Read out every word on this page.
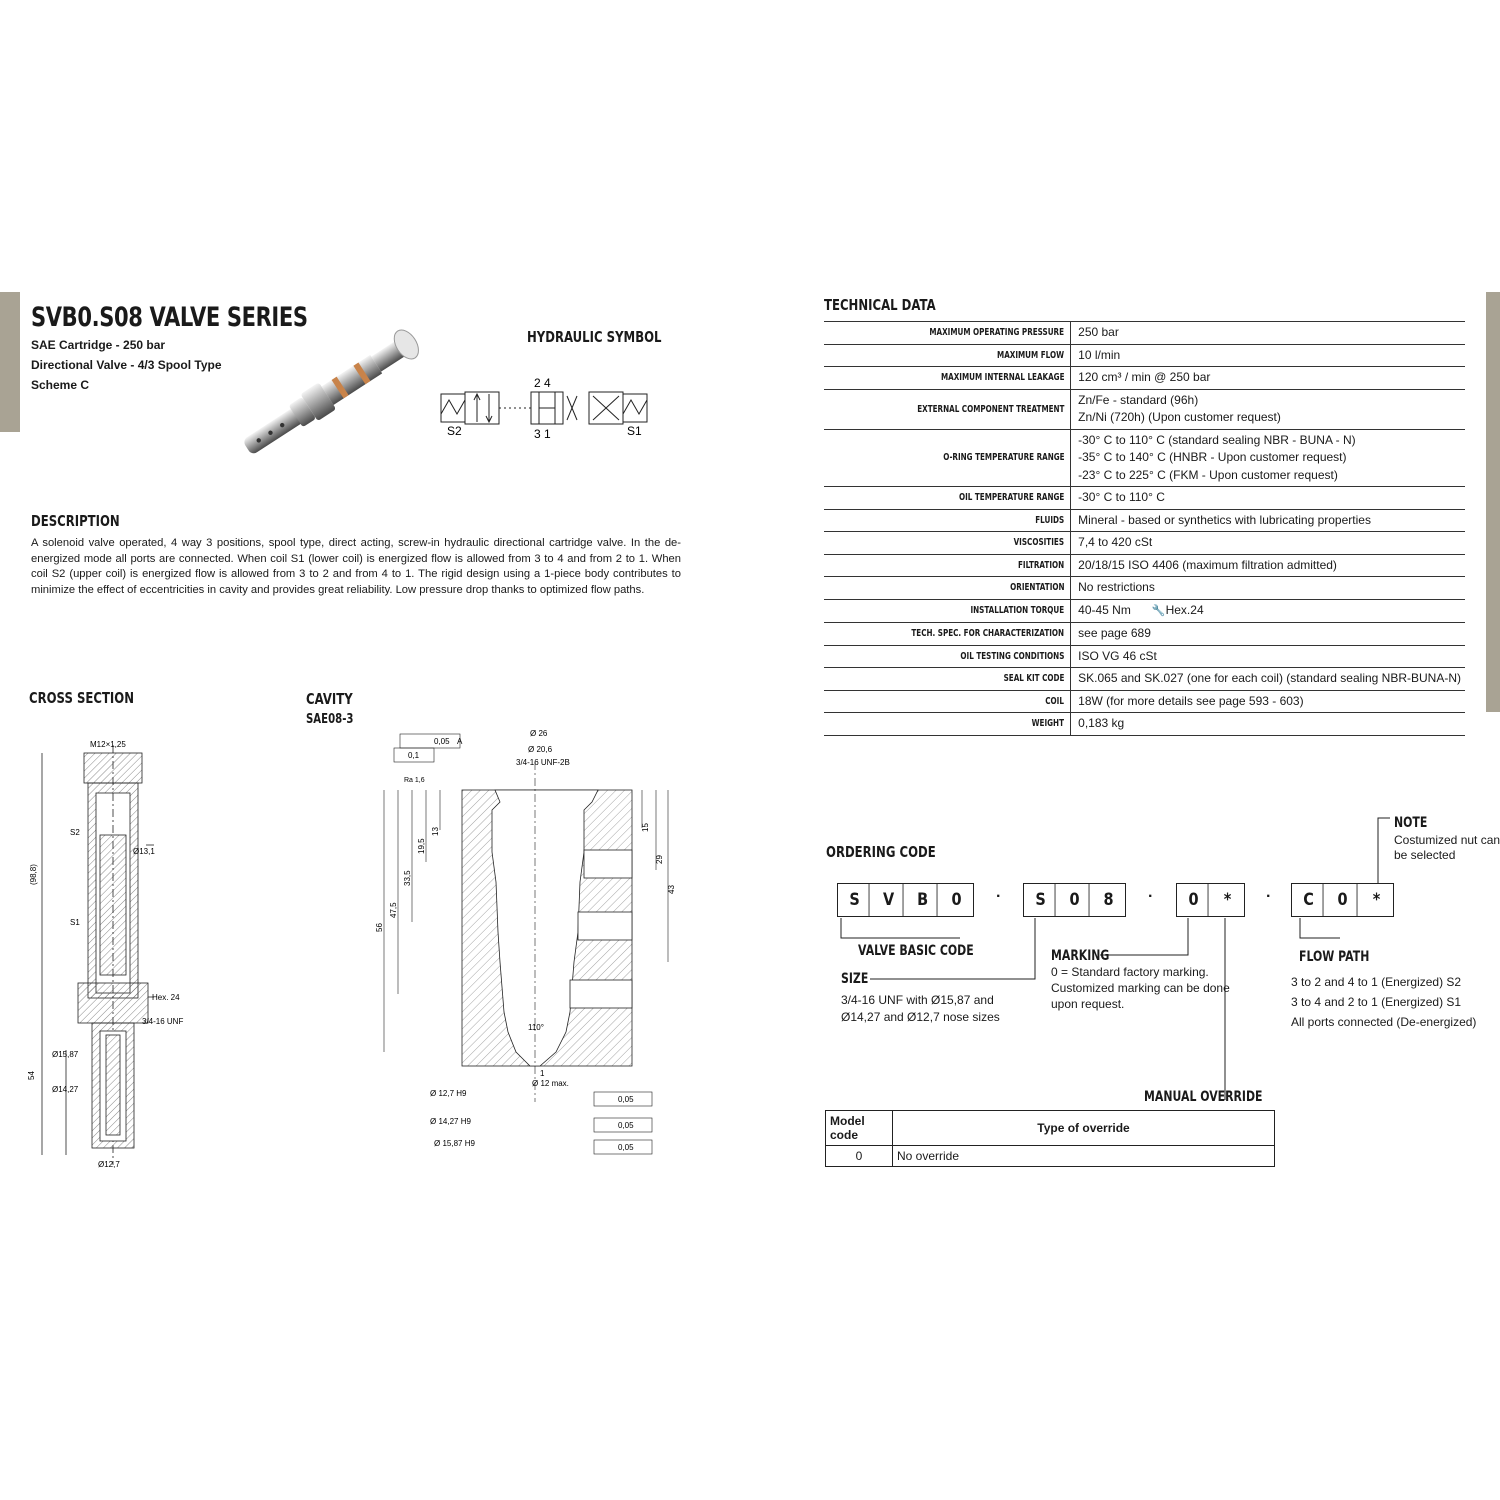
SVB0.S08 VALVE SERIES
SAE Cartridge - 250 bar
Directional Valve - 4/3 Spool Type
Scheme C
HYDRAULIC SYMBOL
2 4
3 1
S2	S1
DESCRIPTION
A solenoid valve operated, 4 way 3 positions, spool type, direct acting, screw-in hydraulic directional cartridge valve. In the de-energized mode all ports are connected. When coil S1 (lower coil) is energized flow is allowed from 3 to 4 and from 2 to 1. When coil S2 (upper coil) is energized flow is allowed from 3 to 2 and from 4 to 1. The rigid design using a 1-piece body contributes to minimize the effect of eccentricities in cavity and provides great reliability. Low pressure drop thanks to optimized flow paths.
CROSS SECTION
M12×1,25
Ø13,1
(98,8)
S2
S1
Hex. 24
3/4-16 UNF
Ø15,87
54
Ø14,27
Ø12,7
CAVITY
SAE08-3
0,05 A
0,1
Ø 26
Ø 20,6
3/4-16 UNF-2B
Ra 1,6
56
47,5
33,5
19,5
13	15
29
43
110°
1
Ø 12 max.
Ø 12,7 H9
Ø 14,27 H9
Ø 15,87 H9
0,05
0,05
0,05
TECHNICAL DATA
MAXIMUM OPERATING PRESSURE	250 bar

MAXIMUM FLOW	10 l/min

MAXIMUM INTERNAL LEAKAGE	120 cm³ / min @ 250 bar

EXTERNAL COMPONENT TREATMENT	Zn/Fe - standard (96h)
Zn/Ni (720h) (Upon customer request)

O-RING TEMPERATURE RANGE	-30° C to 110° C (standard sealing NBR - BUNA - N)
-35° C to 140° C (HNBR - Upon customer request)
-23° C to 225° C (FKM - Upon customer request)

OIL TEMPERATURE RANGE	-30° C to 110° C

FLUIDS	Mineral - based or synthetics with lubricating properties

VISCOSITIES	7,4 to 420 cSt

FILTRATION	20/18/15 ISO 4406 (maximum filtration admitted)

ORIENTATION	No restrictions

INSTALLATION TORQUE	40-45 Nm 🔧Hex.24
TECH. SPEC. FOR CHARACTERIZATION	see page 689

OIL TESTING CONDITIONS	ISO VG 46 cSt

SEAL KIT CODE	SK.065 and SK.027 (one for each coil) (standard sealing NBR-BUNA-N)

COIL	18W (for more details see page 593 - 603)

WEIGHT	0,183 kg
ORDERING CODE
S	V	B	0	·	S	0	8	·	0	*	·	C	0	*
NOTE
Costumized nut can
be selected
VALVE BASIC CODE
SIZE
3/4-16 UNF with Ø15,87 and
Ø14,27 and Ø12,7 nose sizes
MARKING
0 = Standard factory marking.
Customized marking can be done
upon request.
FLOW PATH
3 to 2 and 4 to 1 (Energized) S2
3 to 4 and 2 to 1 (Energized) S1
All ports connected (De-energized)
MANUAL OVERRIDE
Model code	Type of override
0	No override
